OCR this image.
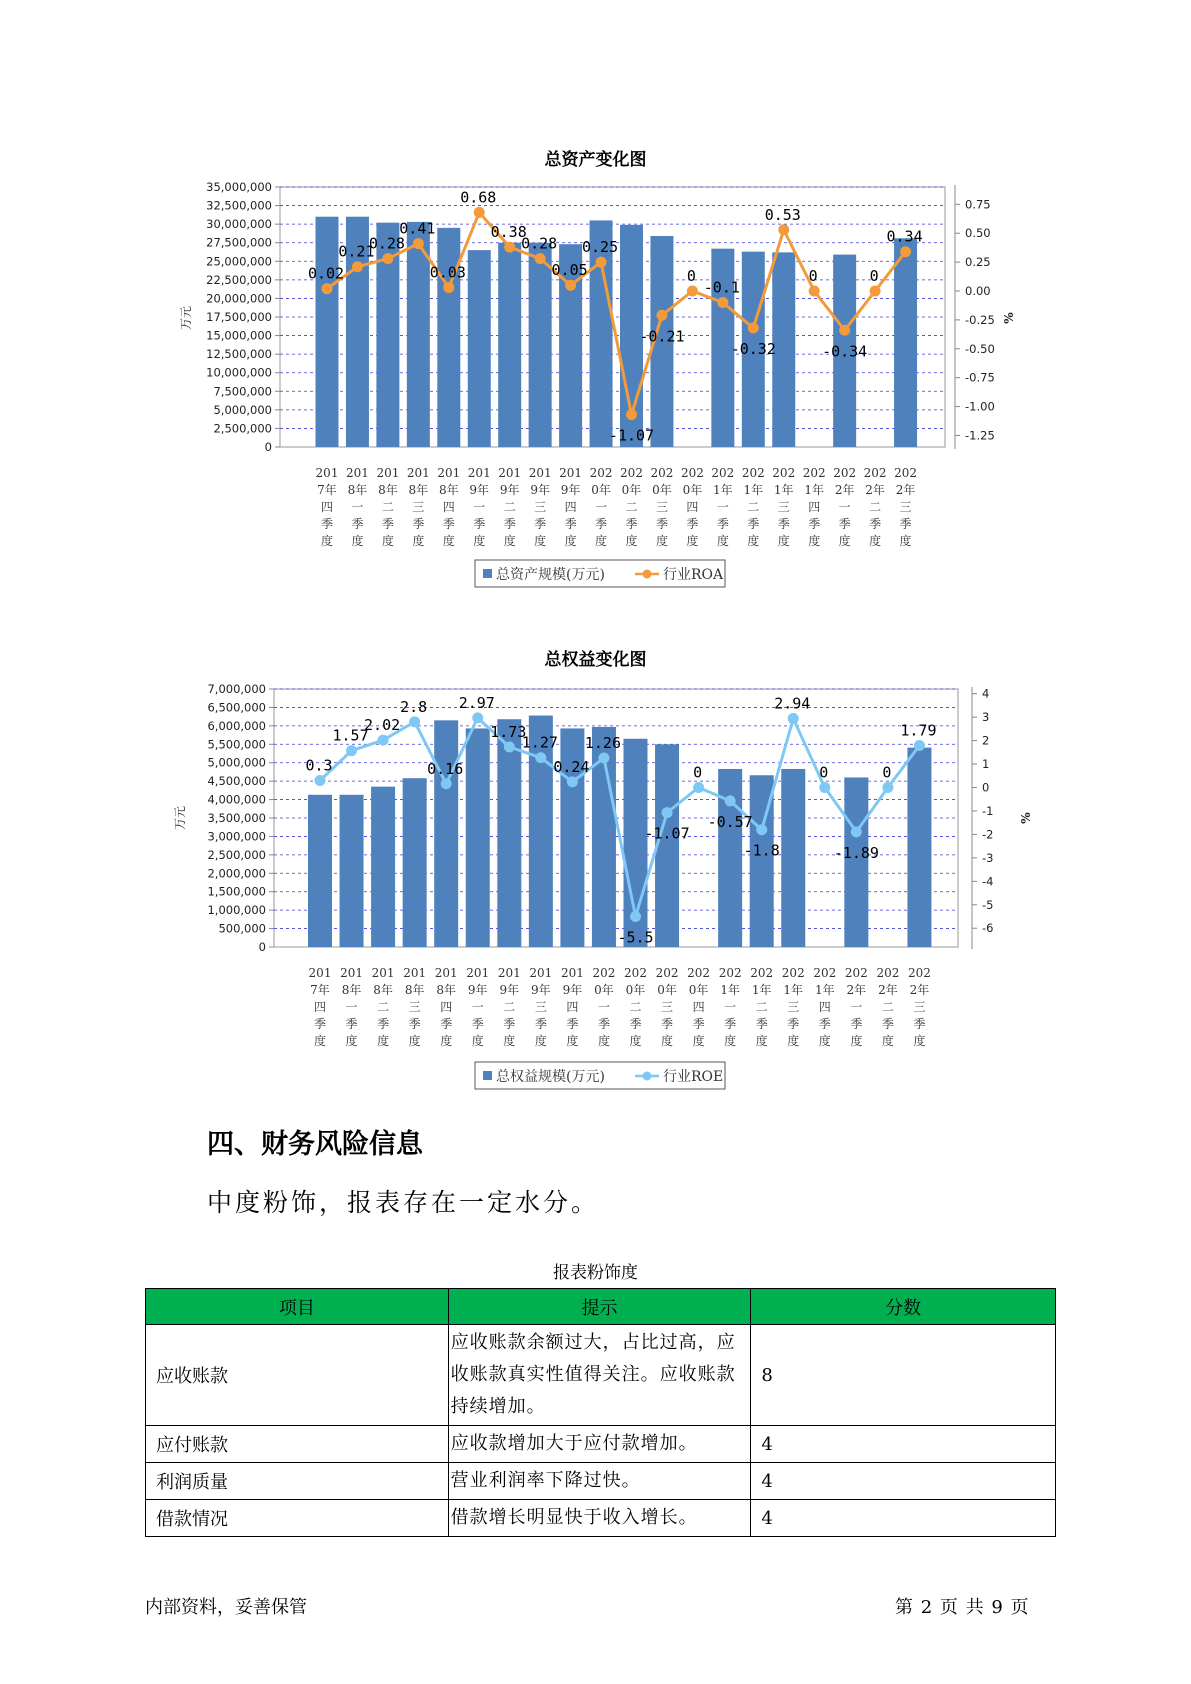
总资产变化图
35,000,000
32,500,000
30,000,000
27,500,000
25,000,000
22,500,000
20,000,000
17,500,000
15,000,000
12,500,000
10,000,000
7,500,000
5,000,000
2,500,000
0
0.75
0.50
0.25
0.00
-0.25
-0.50
-0.75
-1.00
-1.25
万元	%
0.02
0.21
0.28
0.41
0.03
0.68
0.38
0.28
0.05
0.25
-1.07
-0.21
0
-0.1
-0.32
0.53
0
-0.34
0
0.34
201
7年
四
季
度
201
8年
一
季
度
201
8年
二
季
度
201
8年
三
季
度
201
8年
四
季
度
201
9年
一
季
度
201
9年
二
季
度
201
9年
三
季
度
201
9年
四
季
度
202
0年
一
季
度
202
0年
二
季
度
202
0年
三
季
度
202
0年
四
季
度
202
1年
一
季
度
202
1年
二
季
度
202
1年
三
季
度
202
1年
四
季
度
202
2年
一
季
度
202
2年
二
季
度
202
2年
三
季
度
总资产规模(万元)	行业ROA
总权益变化图
7,000,000
6,500,000
6,000,000
5,500,000
5,000,000
4,500,000
4,000,000
3,500,000
3,000,000
2,500,000
2,000,000
1,500,000
1,000,000
500,000
0
4
3
2
1
0
-1
-2
-3
-4
-5
-6
万元	%
0.3
1.57
2.02
2.8
0.16
2.97
1.73
1.27
0.24
1.26
-5.5
-1.07
0
-0.57
-1.8
2.94
0
-1.89
0
1.79
201
7年
四
季
度
201
8年
一
季
度
201
8年
二
季
度
201
8年
三
季
度
201
8年
四
季
度
201
9年
一
季
度
201
9年
二
季
度
201
9年
三
季
度
201
9年
四
季
度
202
0年
一
季
度
202
0年
二
季
度
202
0年
三
季
度
202
0年
四
季
度
202
1年
一
季
度
202
1年
二
季
度
202
1年
三
季
度
202
1年
四
季
度
202
2年
一
季
度
202
2年
二
季
度
202
2年
三
季
度
总权益规模(万元)	行业ROE
四、财务风险信息
中度粉饰，报表存在一定水分。
报表粉饰度
项目	提示	分数
应收账款	应收账款余额过大，占比过高，应收账款真实性值得关注。应收账款持续增加。	8
应付账款	应收款增加大于应付款增加。	4
利润质量	营业利润率下降过快。	4
借款情况	借款增长明显快于收入增长。	4
内部资料，妥善保管	第 2 页 共 9 页
